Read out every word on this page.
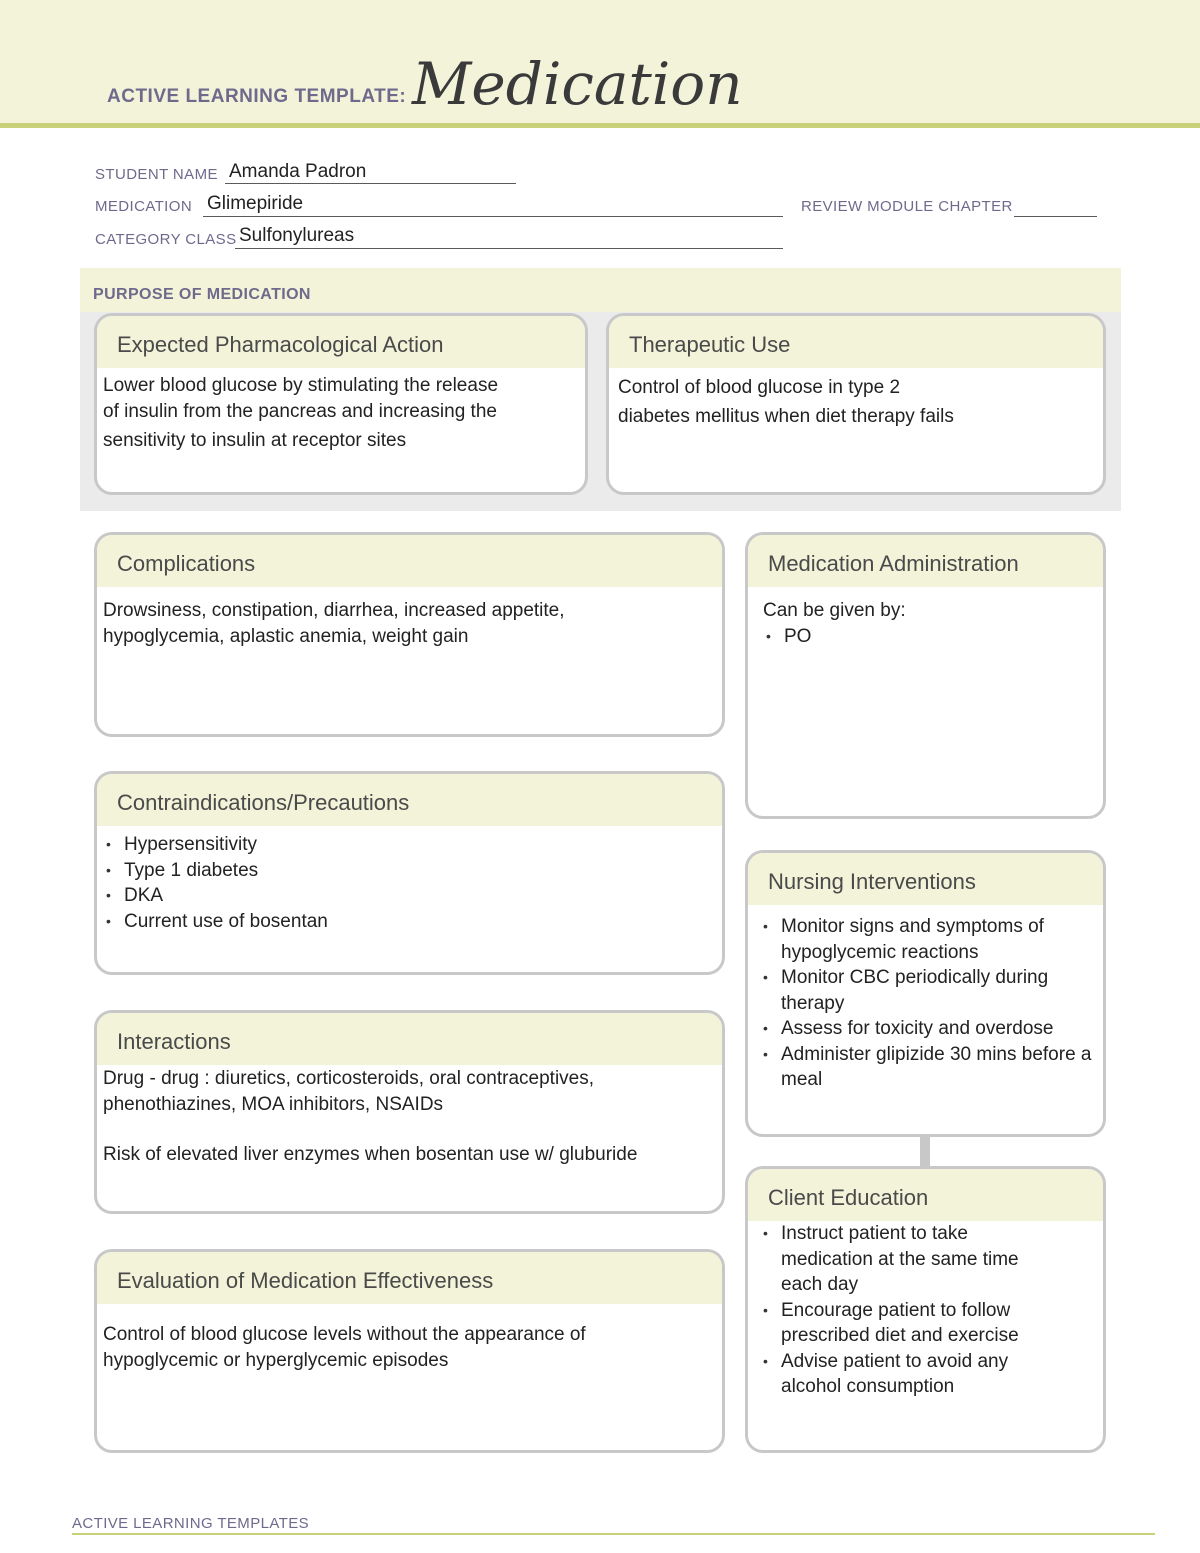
ACTIVE LEARNING TEMPLATE: Medication
STUDENT NAME Amanda Padron
MEDICATION Glimepiride	REVIEW MODULE CHAPTER
CATEGORY CLASS Sulfonylureas
PURPOSE OF MEDICATION
Expected Pharmacological Action

Lower blood glucose by stimulating the release

of insulin from the pancreas and increasing the

sensitivity to insulin at receptor sites

Therapeutic Use

Control of blood glucose in type 2

diabetes mellitus when diet therapy fails

Complications

Drowsiness, constipation, diarrhea, increased appetite,

hypoglycemia, aplastic anemia, weight gain

Medication Administration

Can be given by:

• PO
Contraindications/Precautions
• Hypersensitivity
• Type 1 diabetes
• DKA
• Current use of bosentan
Nursing Interventions
• Monitor signs and symptoms of hypoglycemic reactions
• Monitor CBC periodically during therapy
• Assess for toxicity and overdose
• Administer glipizide 30 mins before a meal
Interactions

Drug - drug : diuretics, corticosteroids, oral contraceptives,

phenothiazines, MOA inhibitors, NSAIDs

Risk of elevated liver enzymes when bosentan use w/ gluburide

Client Education
• Instruct patient to take medication at the same time each day
• Encourage patient to follow prescribed diet and exercise
• Advise patient to avoid any alcohol consumption
Evaluation of Medication Effectiveness

Control of blood glucose levels without the appearance of

hypoglycemic or hyperglycemic episodes

ACTIVE LEARNING TEMPLATES
